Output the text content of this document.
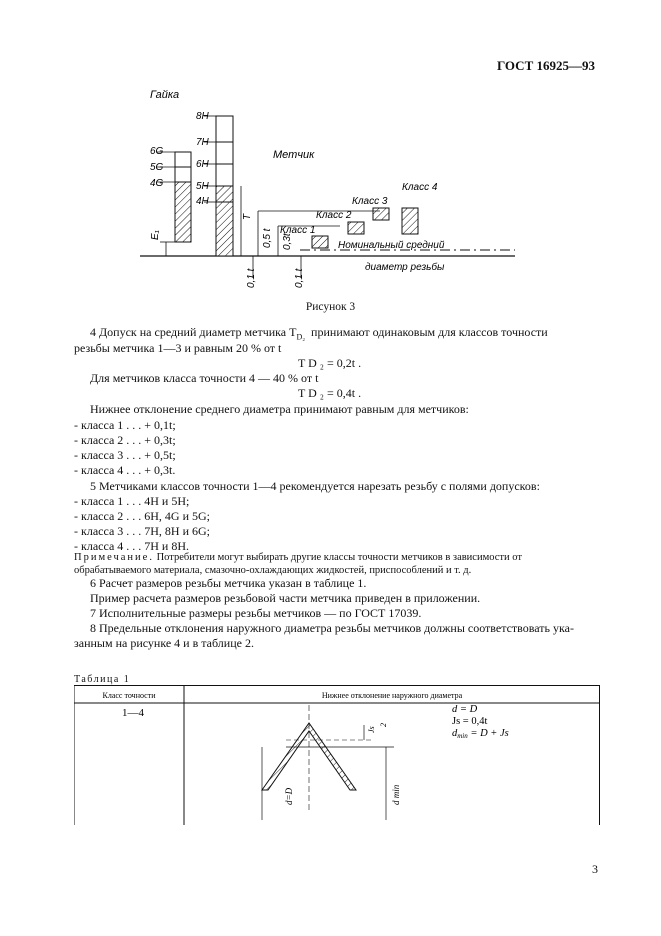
ГОСТ 16925—93
Гайка
6G
5G
4G
E₁
8H
7H
6H
5H
4H
Метчик
T
0,5 t 0,3t
0,1 t	0,1 t
Класс 1
Класс 2
Класс 3
Класс 4
Номинальный средний
диаметр резьбы
Рисунок 3
4 Допуск на средний диаметр метчика $T_{D_2}$ принимают одинаковым для классов точности
резьбы метчика 1—3 и равным 20 % от t
T D ₂ = 0,2t .
Для метчиков класса точности 4 — 40 % от t
T D ₂ = 0,4t .
Нижнее отклонение среднего диаметра принимают равным для метчиков:
- класса 1 . . . + 0,1t;
- класса 2 . . . + 0,3t;
- класса 3 . . . + 0,5t;
- класса 4 . . . + 0,3t.
5 Метчиками классов точности 1—4 рекомендуется нарезать резьбу с полями допусков:
- класса 1 . . . 4H и 5H;
- класса 2 . . . 6H, 4G и 5G;
- класса 3 . . . 7H, 8H и 6G;
- класса 4 . . . 7H и 8H.
Примечание. Потребители могут выбирать другие классы точности метчиков в зависимости от
обрабатываемого материала, смазочно-охлаждающих жидкостей, приспособлений и т. д.
6 Расчет размеров резьбы метчика указан в таблице 1.
Пример расчета размеров резьбовой части метчика приведен в приложении.
7 Исполнительные размеры резьбы метчиков — по ГОСТ 17039.
8 Предельные отклонения наружного диаметра резьбы метчиков должны соответствовать ука-
занным на рисунке 4 и в таблице 2.
Таблица 1
Класс точности	Нижнее отклонение наружного диаметра
1—4
Js
2
d=D	d min
d = D
Js = 0,4t
dmin = D + Js
3
